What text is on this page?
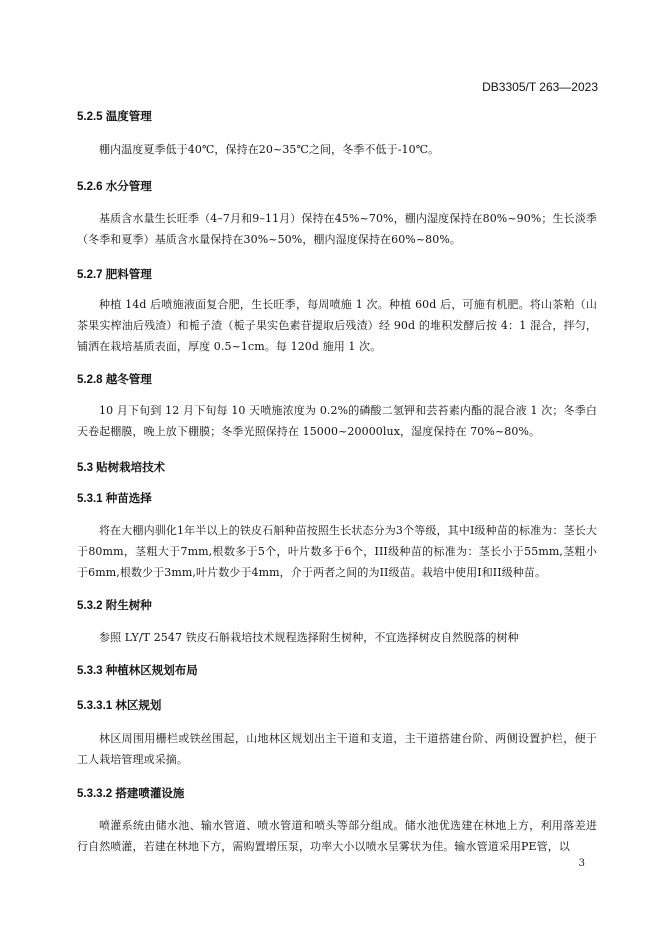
DB3305/T 263—2023
5.2.5 温度管理
棚内温度夏季低于40℃，保持在20~35℃之间，冬季不低于-10℃。
5.2.6 水分管理
基质含水量生长旺季（4–7月和9–11月）保持在45%~70%，棚内湿度保持在80%~90%；生长淡季（冬季和夏季）基质含水量保持在30%~50%，棚内湿度保持在60%~80%。
5.2.7 肥料管理
种植 14d 后喷施液面复合肥，生长旺季，每周喷施 1 次。种植 60d 后，可施有机肥。将山茶粕（山茶果实榨油后残渣）和栀子渣（栀子果实色素苷提取后残渣）经 90d 的堆积发酵后按 4：1 混合，拌匀，铺洒在栽培基质表面，厚度 0.5~1cm。每 120d 施用 1 次。
5.2.8 越冬管理
10 月下旬到 12 月下旬每 10 天喷施浓度为 0.2%的磷酸二氢钾和芸苔素内酯的混合液 1 次；冬季白天卷起棚膜，晚上放下棚膜；冬季光照保持在 15000~20000lux，湿度保持在 70%~80%。
5.3 贴树栽培技术
5.3.1 种苗选择
将在大棚内驯化1年半以上的铁皮石斛种苗按照生长状态分为3个等级，其中I级种苗的标准为：茎长大于80mm，茎粗大于7mm,根数多于5个，叶片数多于6个，III级种苗的标准为：茎长小于55mm,茎粗小于6mm,根数少于3mm,叶片数少于4mm，介于两者之间的为II级苗。栽培中使用I和II级种苗。
5.3.2 附生树种
参照 LY/T 2547 铁皮石斛栽培技术规程选择附生树种，不宜选择树皮自然脱落的树种
5.3.3 种植林区规划布局
5.3.3.1 林区规划
林区周围用栅栏或铁丝围起，山地林区规划出主干道和支道，主干道搭建台阶、两侧设置护栏，便于工人栽培管理或采摘。
5.3.3.2 搭建喷灌设施
喷灌系统由储水池、输水管道、喷水管道和喷头等部分组成。储水池优选建在林地上方，利用落差进行自然喷灌，若建在林地下方，需购置增压泵，功率大小以喷水呈雾状为佳。输水管道采用PE管，以
3
